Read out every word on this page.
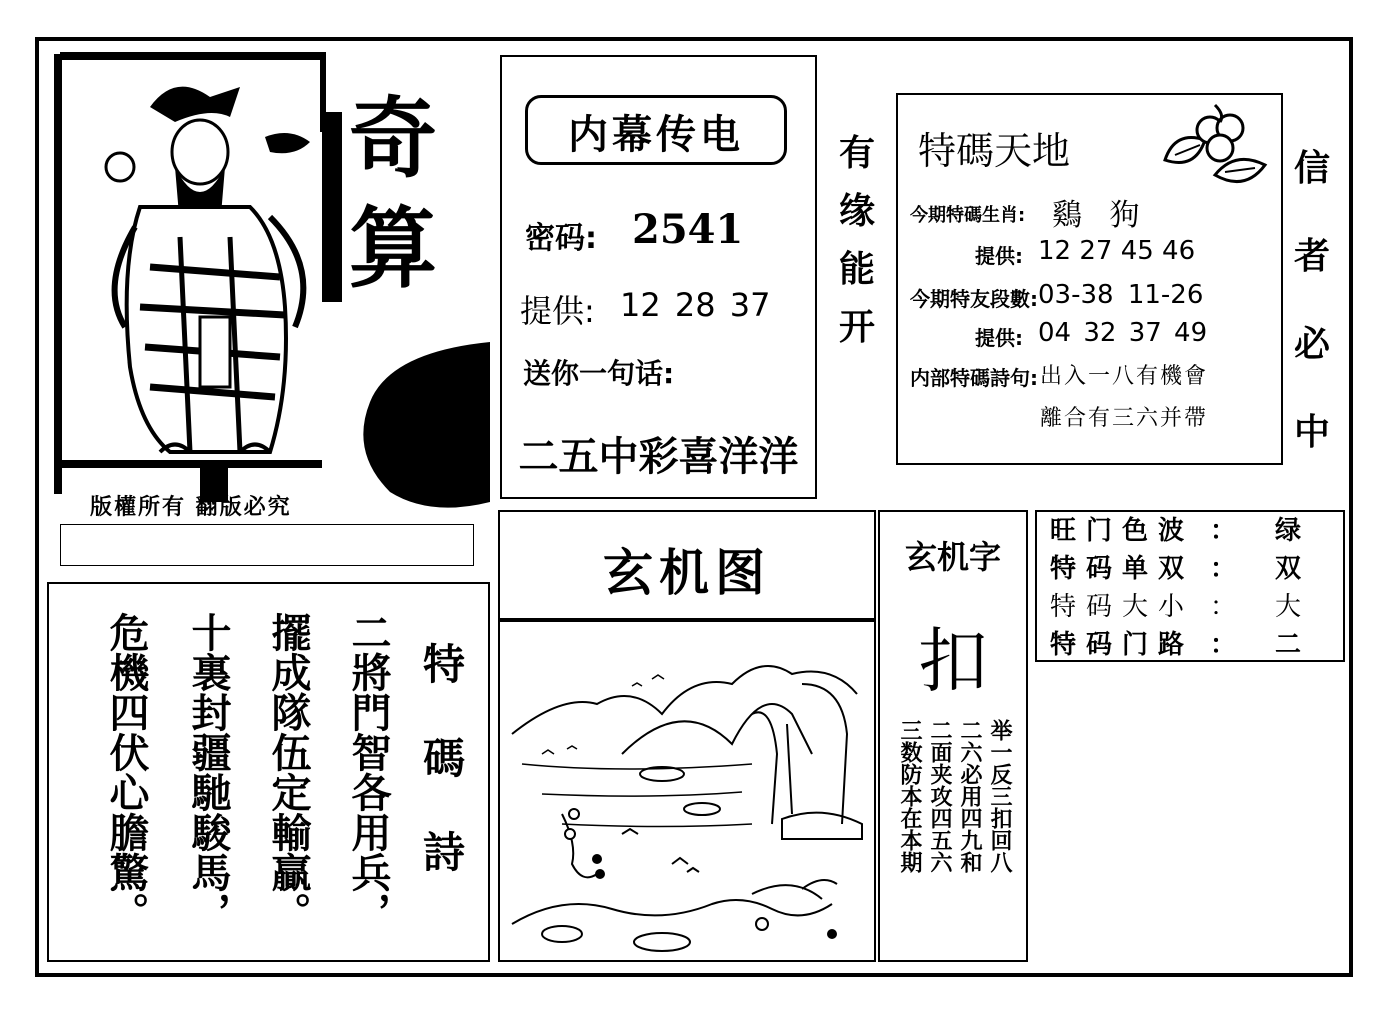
奇
算
期
版權所有 翻版必究
内幕传电
密码: 2541
提供: 12 28 37
送你一句话:
二五中彩喜洋洋
有
缘
能
开
特碼天地
今期特碼生肖: 鷄 狗
提供: 12 27 45 46
今期特友段數: 03-38 11-26
提供: 04 32 37 49
内部特碼詩句: 出入一八有機會
離合有三六并帶
信
者
必
中
特
碼
詩
二將門智各用兵，
擺成隊伍定輸贏。
十裏封疆馳駿馬，
危機四伏心膽驚。
玄机图	玄机字
扣
举一反三扣回八
二六必用四九和
二面夹攻四五六
三数防本在本期
旺门色波 ： 绿
特码单双 ： 双
特码大小 ： 大
特码门路 ： 二
